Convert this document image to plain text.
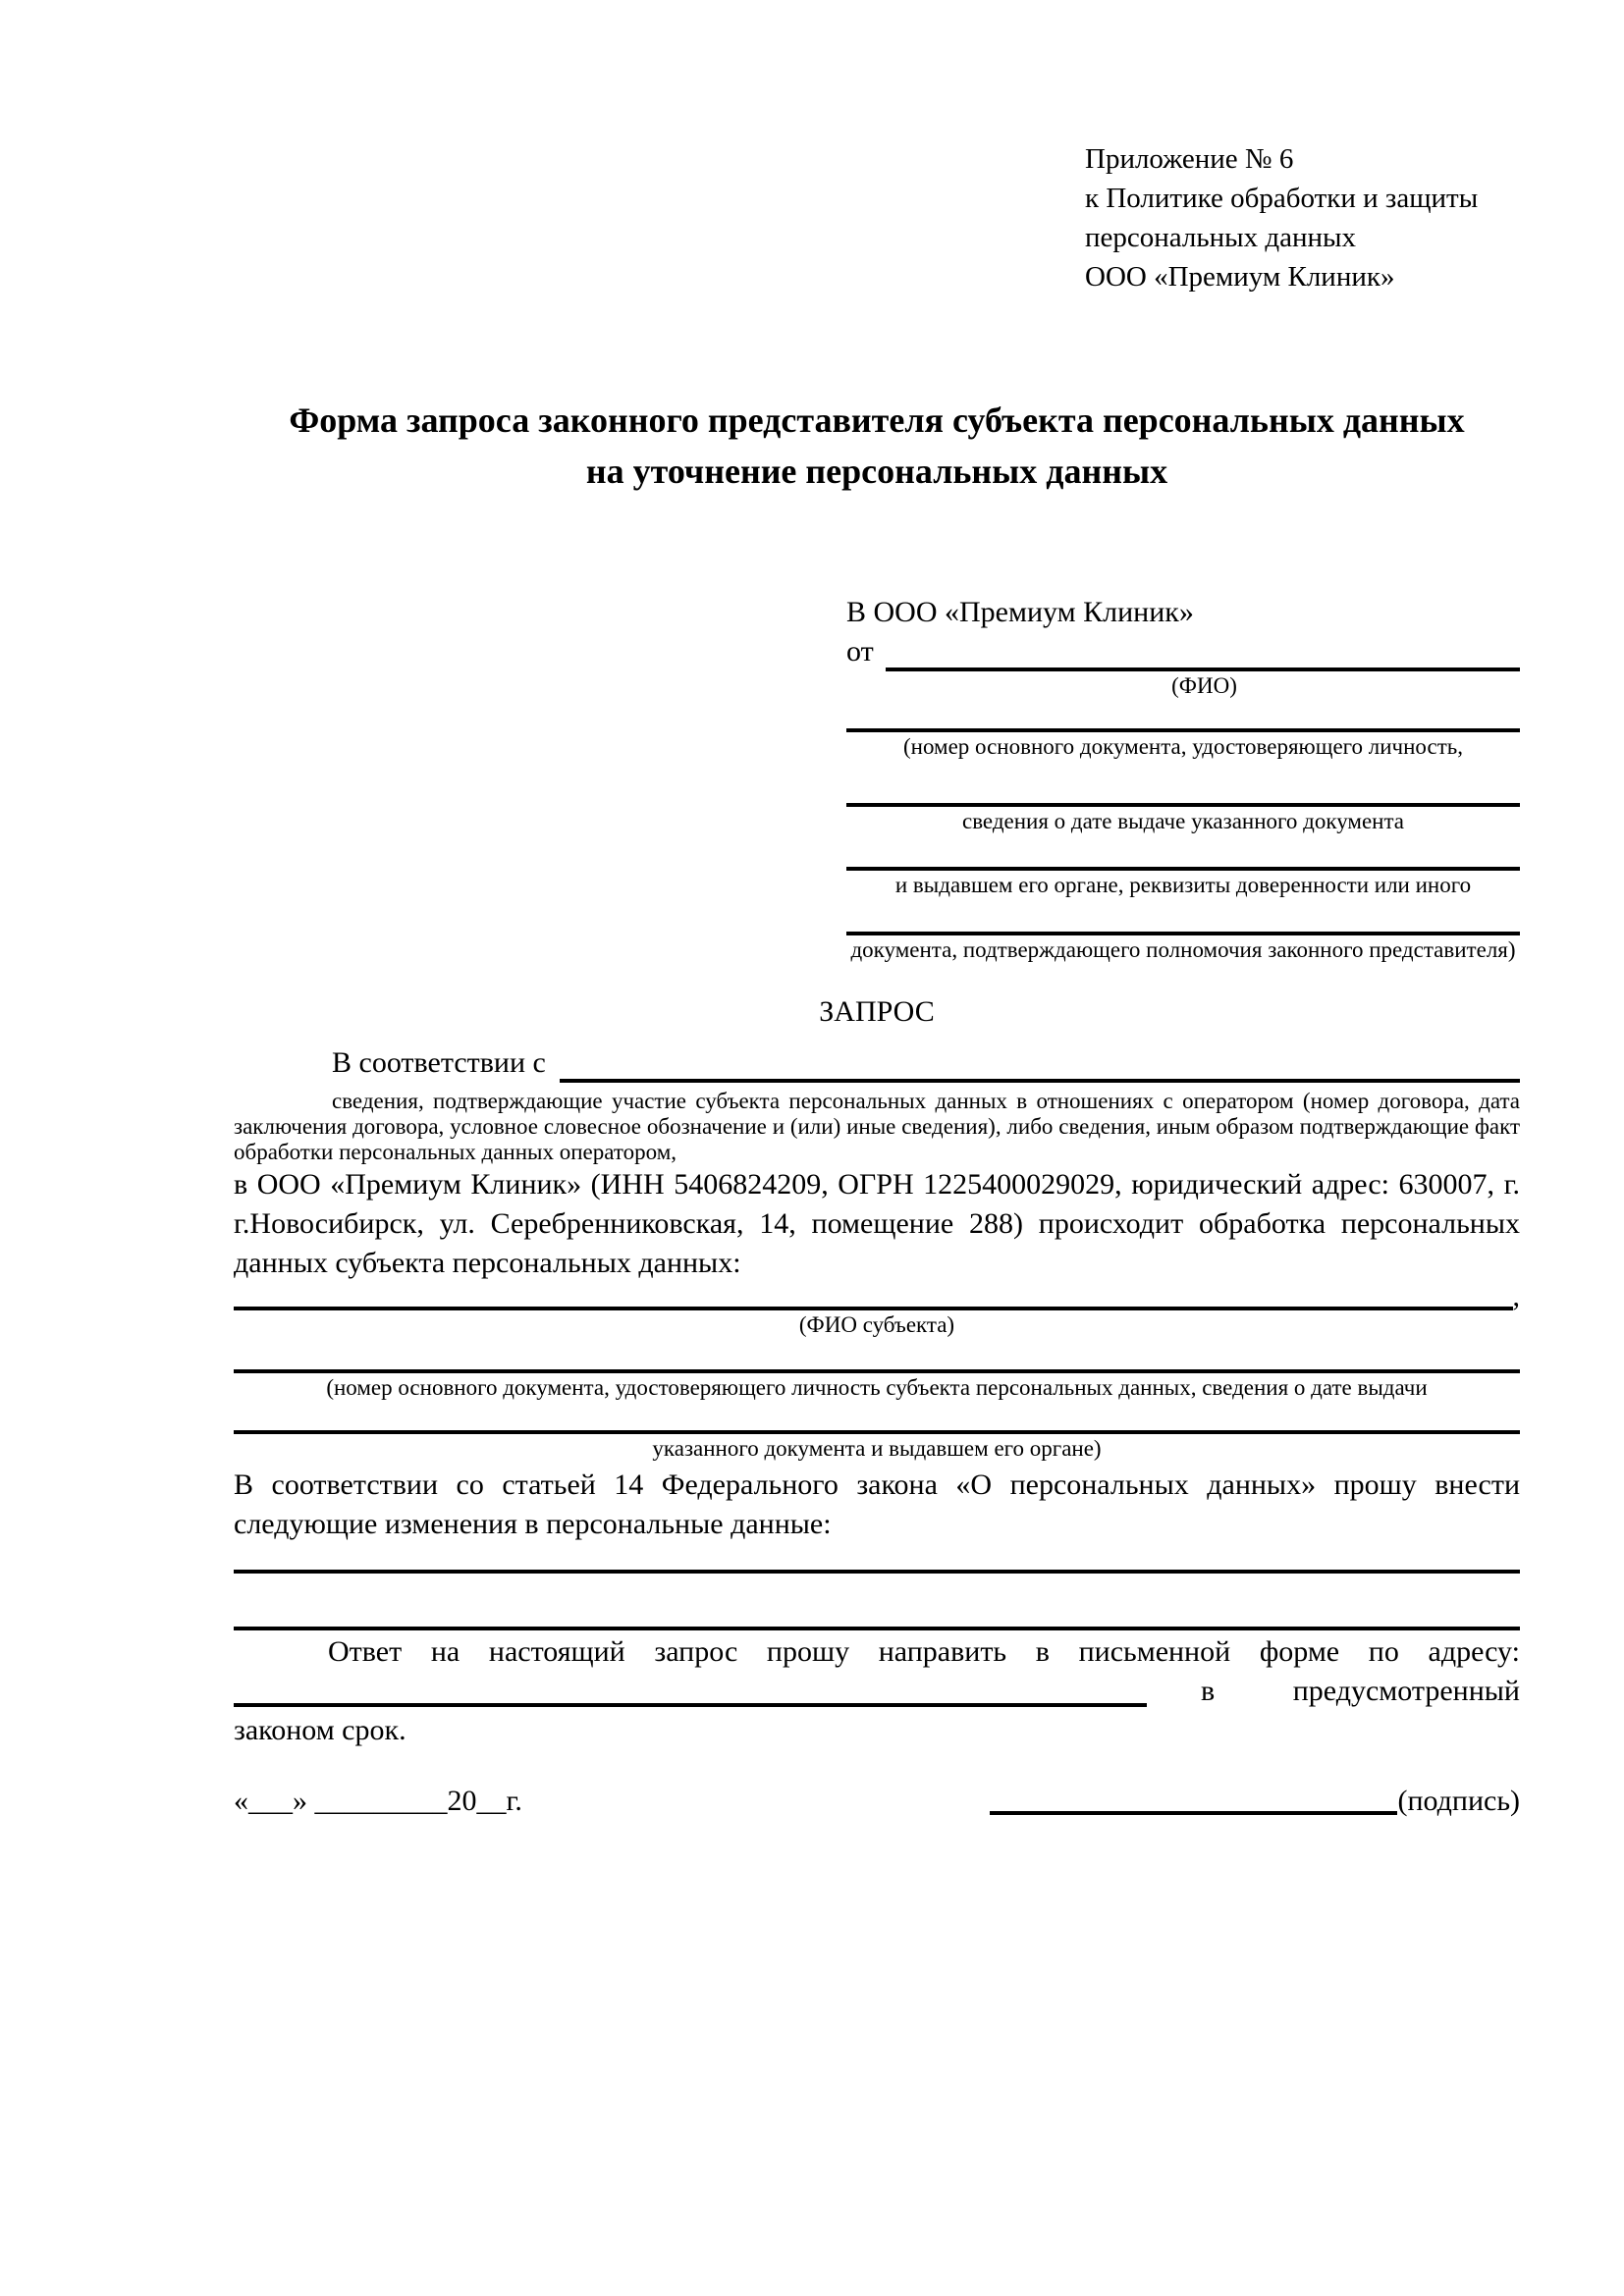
Приложение № 6
к Политике обработки и защиты
персональных данных
ООО «Премиум Клиник»
Форма запроса законного представителя субъекта персональных данных
на уточнение персональных данных
В ООО «Премиум Клиник»
от
(ФИО)
(номер основного документа, удостоверяющего личность,
сведения о дате выдаче указанного документа
и выдавшем его органе, реквизиты доверенности или иного
документа, подтверждающего полномочия законного представителя)
ЗАПРОС
В соответствии с
сведения, подтверждающие участие субъекта персональных данных в отношениях с оператором (номер договора, дата заключения договора, условное словесное обозначение и (или) иные сведения), либо сведения, иным образом подтверждающие факт обработки персональных данных оператором,

в ООО «Премиум Клиник» (ИНН 5406824209, ОГРН 1225400029029, юридический адрес: 630007, г. г.Новосибирск, ул. Серебренниковская, 14, помещение 288) происходит обработка персональных данных субъекта персональных данных:

,
(ФИО субъекта)
(номер основного документа, удостоверяющего личность субъекта персональных данных, сведения о дате выдачи
указанного документа и выдавшем его органе)

В соответствии со статьей 14 Федерального закона «О персональных данных» прошу внести следующие изменения в персональные данные:

Ответ на настоящий запрос прошу направить в письменной форме по адресу:
в	предусмотренный
законом срок.
«___» _________20__г.	(подпись)
